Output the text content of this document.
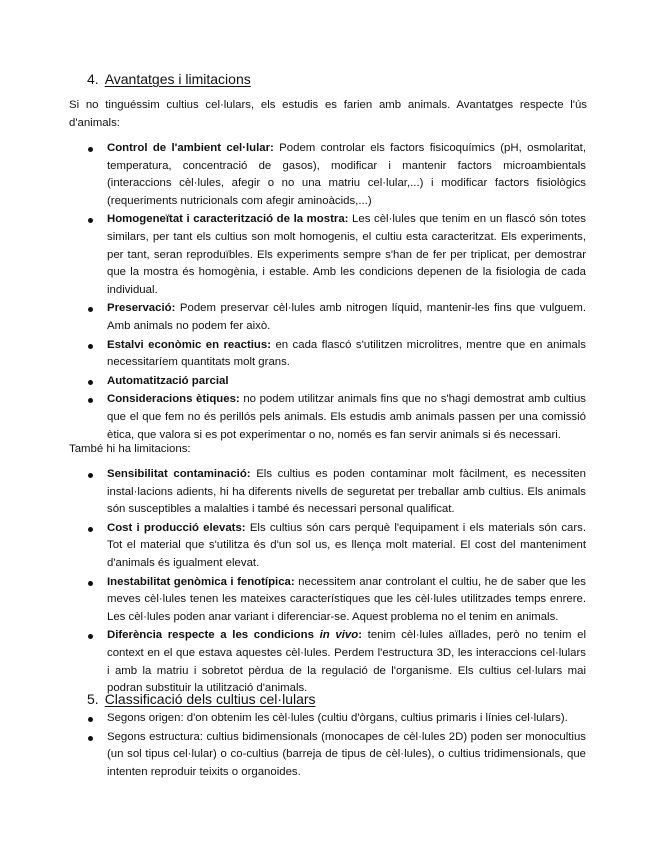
4. Avantatges i limitacions

Si no tinguéssim cultius cel·lulars, els estudis es farien amb animals. Avantatges respecte l'ús d'animals:

Control de l'ambient cel·lular: Podem controlar els factors fisicoquímics (pH, osmolaritat, temperatura, concentració de gasos), modificar i mantenir factors microambientals (interaccions cèl·lules, afegir o no una matriu cel·lular,...) i modificar factors fisiològics (requeriments nutricionals com afegir aminoàcids,...)
Homogeneïtat i caracterització de la mostra: Les cèl·lules que tenim en un flascó són totes similars, per tant els cultius son molt homogenis, el cultiu esta caracteritzat. Els experiments, per tant, seran reproduïbles. Els experiments sempre s'han de fer per triplicat, per demostrar que la mostra és homogènia, i estable. Amb les condicions depenen de la fisiologia de cada individual.
Preservació: Podem preservar cèl·lules amb nitrogen líquid, mantenir-les fins que vulguem. Amb animals no podem fer això.
Estalvi econòmic en reactius: en cada flascó s'utilitzen microlitres, mentre que en animals necessitaríem quantitats molt grans.
Automatització parcial
Consideracions ètiques: no podem utilitzar animals fins que no s'hagi demostrat amb cultius que el que fem no és perillós pels animals. Els estudis amb animals passen per una comissió ètica, que valora si es pot experimentar o no, només es fan servir animals si és necessari.

També hi ha limitacions:

Sensibilitat contaminació: Els cultius es poden contaminar molt fàcilment, es necessiten instal·lacions adients, hi ha diferents nivells de seguretat per treballar amb cultius. Els animals són susceptibles a malalties i també és necessari personal qualificat.
Cost i producció elevats: Els cultius són cars perquè l'equipament i els materials són cars. Tot el material que s'utilitza és d'un sol us, es llença molt material. El cost del manteniment d'animals és igualment elevat.
Inestabilitat genòmica i fenotípica: necessitem anar controlant el cultiu, he de saber que les meves cèl·lules tenen les mateixes característiques que les cèl·lules utilitzades temps enrere. Les cèl·lules poden anar variant i diferenciar-se. Aquest problema no el tenim en animals.
Diferència respecte a les condicions in vivo: tenim cèl·lules aïllades, però no tenim el context en el que estava aquestes cèl·lules. Perdem l'estructura 3D, les interaccions cel·lulars i amb la matriu i sobretot pèrdua de la regulació de l'organisme. Els cultius cel·lulars mai podran substituir la utilització d'animals.
5. Classificació dels cultius cel·lulars
Segons origen: d'on obtenim les cèl·lules (cultiu d'òrgans, cultius primaris i línies cel·lulars).
Segons estructura: cultius bidimensionals (monocapes de cèl·lules 2D) poden ser monocultius (un sol tipus cel·lular) o co-cultius (barreja de tipus de cèl·lules), o cultius tridimensionals, que intenten reproduir teixits o organoides.
